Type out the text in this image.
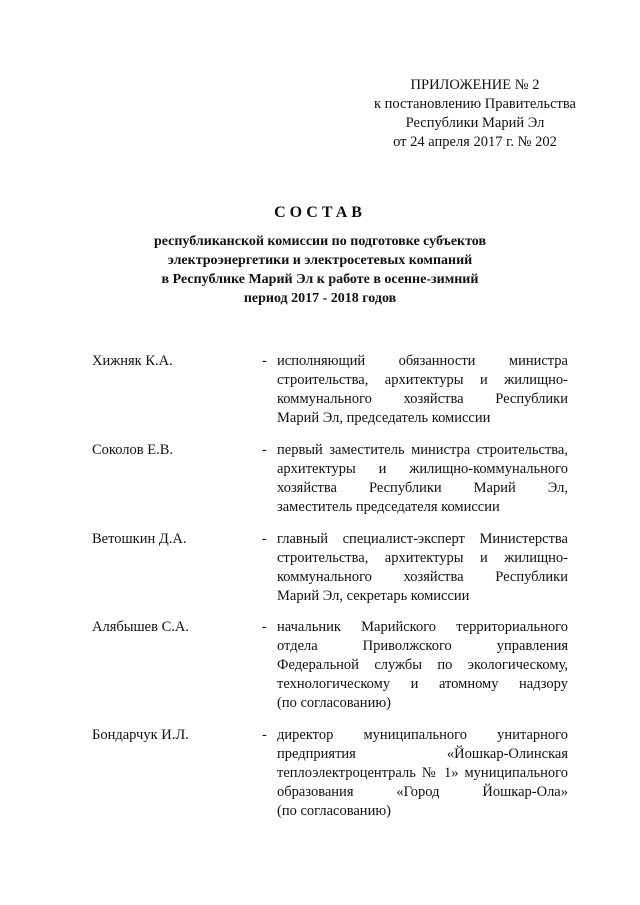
ПРИЛОЖЕНИЕ № 2
к постановлению Правительства
Республики Марий Эл
от 24 апреля 2017 г. № 202
СОСТАВ
республиканской комиссии по подготовке субъектов
электроэнергетики и электросетевых компаний
в Республике Марий Эл к работе в осенне-зимний
период 2017 - 2018 годов
Хижняк К.А.	- исполняющий обязанности министра
строительства, архитектуры и жилищно-
коммунального хозяйства Республики
Марий Эл, председатель комиссии
Соколов Е.В.	- первый заместитель министра строительства,
архитектуры и жилищно-коммунального
хозяйства Республики Марий Эл,
заместитель председателя комиссии
Ветошкин Д.А.	- главный специалист-эксперт Министерства
строительства, архитектуры и жилищно-
коммунального хозяйства Республики
Марий Эл, секретарь комиссии
Алябышев С.А.	- начальник Марийского территориального
отдела Приволжского управления
Федеральной службы по экологическому,
технологическому и атомному надзору
(по согласованию)
Бондарчук И.Л.	- директор муниципального унитарного
предприятия «Йошкар-Олинская
теплоэлектроцентраль № 1» муниципального
образования «Город Йошкар-Ола»
(по согласованию)
